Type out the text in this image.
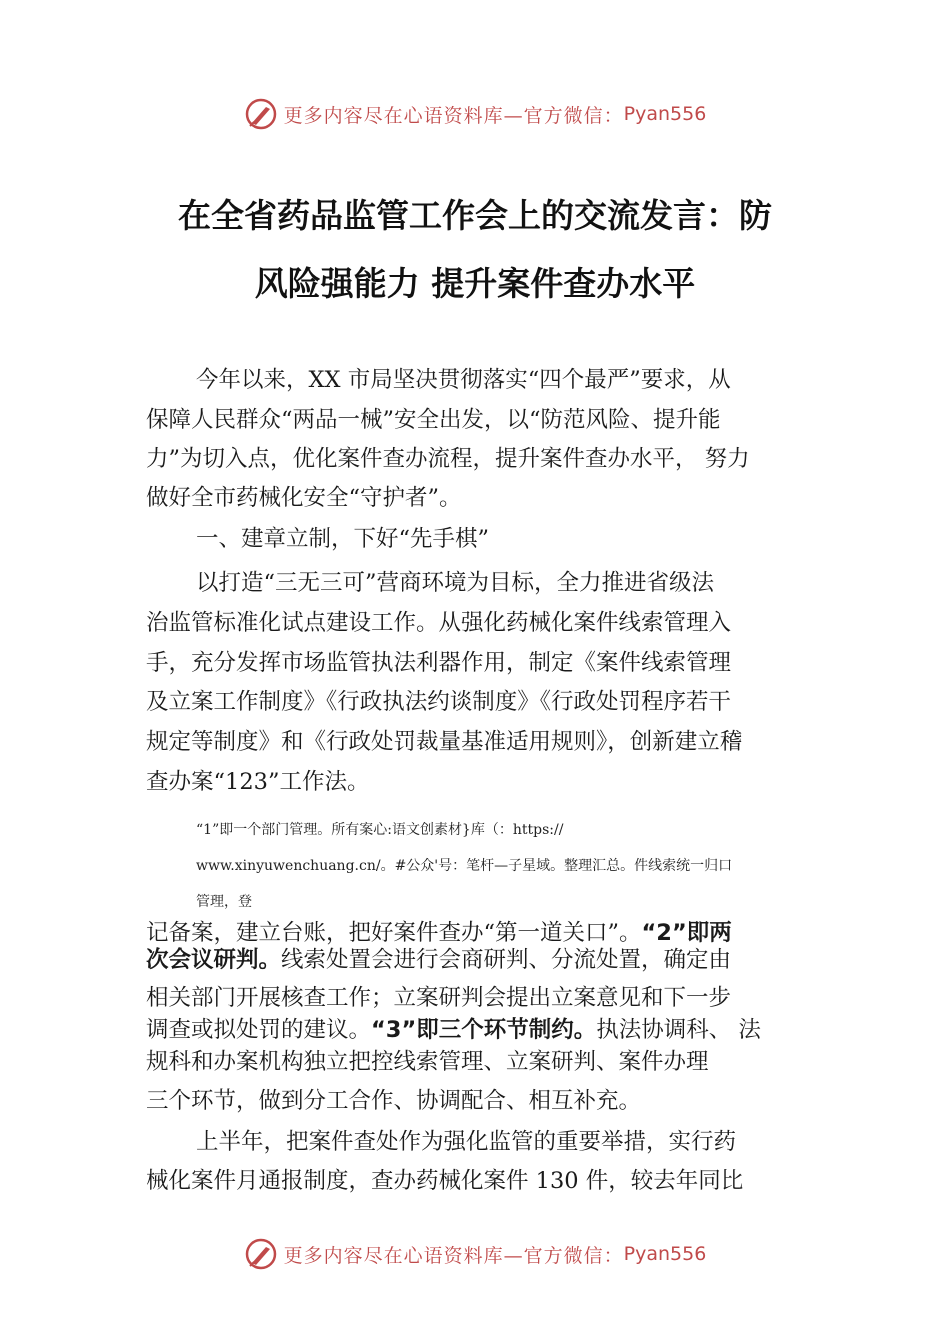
更多内容尽在心语资料库—官方微信： Pyan556
在全省药品监管工作会上的交流发言：防
风险强能力 提升案件查办水平
今年以来，XX 市局坚决贯彻落实“四个最严”要求，从
保障人民群众“两品一械”安全出发，以“防范风险、提升能
力”为切入点，优化案件查办流程，提升案件查办水平， 努力
做好全市药械化安全“守护者”。
一、建章立制，下好“先手棋”
以打造“三无三可”营商环境为目标，全力推进省级法
治监管标准化试点建设工作。从强化药械化案件线索管理入
手，充分发挥市场监管执法利器作用，制定《案件线索管理
及立案工作制度》《行政执法约谈制度》《行政处罚程序若干
规定等制度》和《行政处罚裁量基准适用规则》，创新建立稽
查办案“123”工作法。
“1”即一个部门管理。所有案心:语文创素材}库（：https://
www.xinyuwenchuang.cn/。#公众'号：笔杆—子星域。整理汇总。件线索统一归口
管理，登
记备案，建立台账，把好案件查办“第一道关口”。“2”即两
次会议研判。线索处置会进行会商研判、分流处置，确定由
相关部门开展核查工作；立案研判会提出立案意见和下一步
调查或拟处罚的建议。“3”即三个环节制约。执法协调科、 法
规科和办案机构独立把控线索管理、立案研判、案件办理
三个环节，做到分工合作、协调配合、相互补充。
上半年，把案件查处作为强化监管的重要举措，实行药
械化案件月通报制度，查办药械化案件 130 件，较去年同比
更多内容尽在心语资料库—官方微信： Pyan556
